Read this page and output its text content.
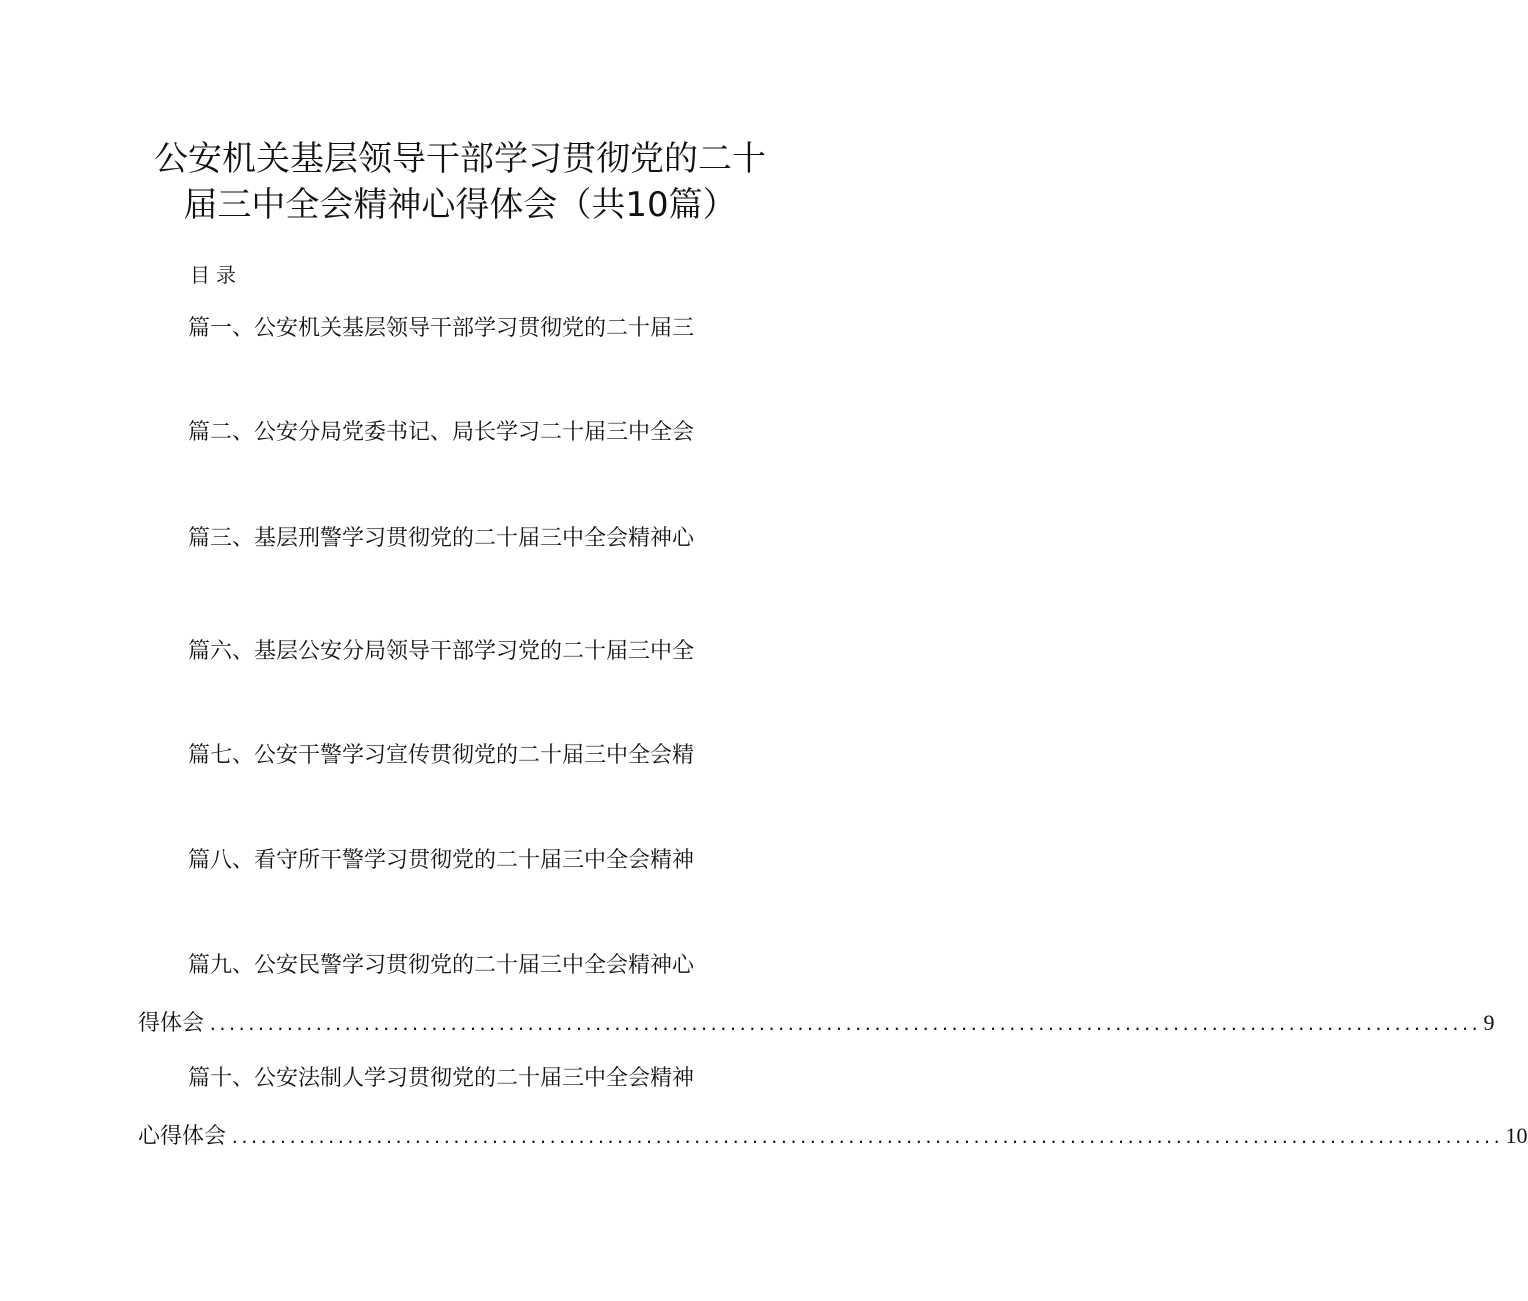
公安机关基层领导干部学习贯彻党的二十
届三中全会精神心得体会（共10篇）
目录
篇一、公安机关基层领导干部学习贯彻党的二十届三
篇二、公安分局党委书记、局长学习二十届三中全会
篇三、基层刑警学习贯彻党的二十届三中全会精神心
篇六、基层公安分局领导干部学习党的二十届三中全
篇七、公安干警学习宣传贯彻党的二十届三中全会精
篇八、看守所干警学习贯彻党的二十届三中全会精神
篇九、公安民警学习贯彻党的二十届三中全会精神心
得体会 .................................................................................................................................... 9
篇十、公安法制人学习贯彻党的二十届三中全会精神
心得体会 .................................................................................................................................... 10
